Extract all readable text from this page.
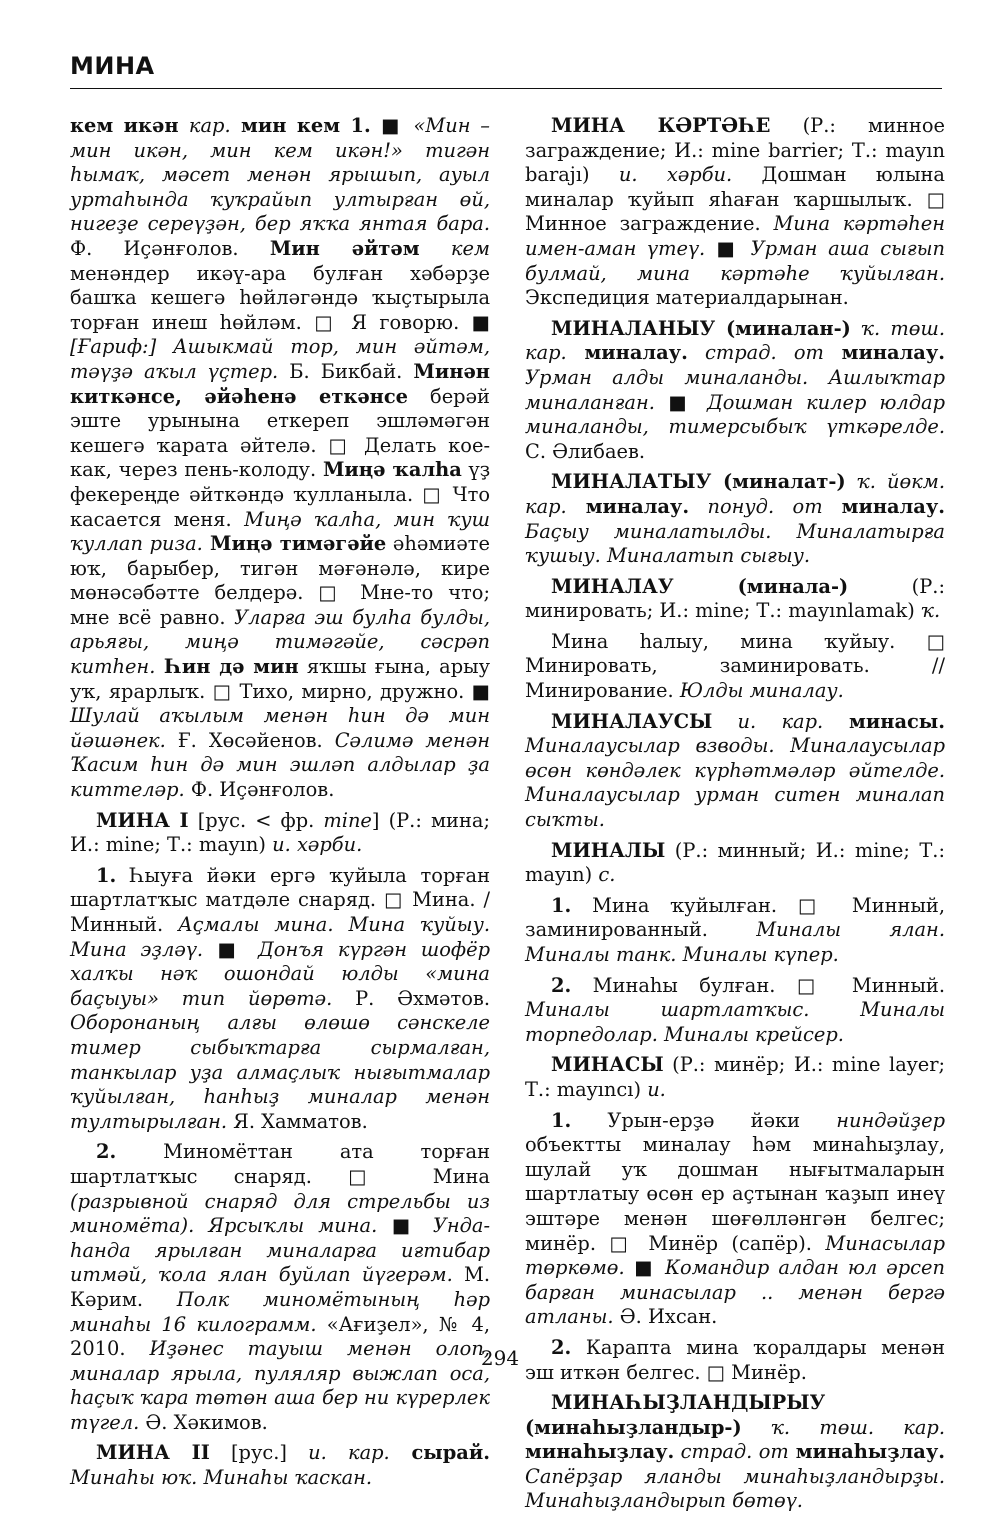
МИНА

кем икән кар. мин кем 1. ■ «Мин – мин икән, мин кем икән!» тигән һымаҡ, мәсет менән ярышып, ауыл уртаһында ҡуҡрайып ултырған өй, нигеҙе сереүҙән, бер яҡҡа янтая бара. Ф. Иҫәнғолов. Мин әйтәм кем менәндер икәү-ара булған хәбәрҙе башҡа кешегә һөйләгәндә ҡыҫтырыла торған инеш һөйләм. □ Я говорю. ■ [Ғариф:] Ашыкмай тор, мин әйтәм, тәүҙә аҡыл үҫтер. Б. Бикбай. Минән киткәнсе, әйәһенә еткәнсе берәй эште урынына еткереп эшләмәгән кешегә ҡарата әйтелә. □ Делать кое-как, через пень-колоду. Миңә ҡалһа үҙ фекереңде әйткәндә ҡулланыла. □ Что касается меня. Миңә ҡалһа, мин ҡуш ҡуллап риза. Миңә тимәгәйе әһәмиәте юҡ, барыбер, тигән мәғәнәлә, кире мөнәсәбәтте белдерә. □ Мне-то что; мне всё равно. Уларға эш булһа булды, арьяғы, миңә тимәгәйе, сәсрәп китһен. Һин дә мин яҡшы ғына, арыу уҡ, ярарлыҡ. □ Тихо, мирно, дружно. ■ Шулай аҡылым менән һин дә мин йәшәнек. Ғ. Хөсәйенов. Сәлимә менән Ҡасим һин дә мин эшләп алдылар ҙа киттеләр. Ф. Иҫәнғолов.

МИНА I [рус. < фр. mine] (Р.: мина; И.: mine; Т.: mayın) и. хәрби.

1. Һыуға йәки ергә ҡуйыла торған шартлатҡыс матдәле снаряд. □ Мина. / Минный. Аҫмалы мина. Мина ҡуйыу. Мина эҙләү. ■ Донъя күргән шофёр халҡы нәҡ ошондай юлды «мина баҫыуы» тип йөрөтә. Р. Әхмәтов. Оборонаның алғы өлөшө сәнскеле тимер сыбыҡтарға сырмалған, танкылар уҙа алмаҫлыҡ нығытмалар ҡуйылған, һанһыҙ миналар менән тултырылған. Я. Хамматов.

2. Миномёттан ата торған шартлатҡыс снаряд. □ Мина (разрывной снаряд для стрельбы из миномёта). Ярсыҡлы мина. ■ Унда-һанда ярылған миналарға иғтибар итмәй, ҡола ялан буйлап йүгерәм. М. Кәрим. Полк миномётының һәр минаһы 16 килограмм. «Ағиҙел», № 4, 2010. Иҙәнес тауыш менән олоп, миналар ярыла, пуляляр выжлап оса, һаҫыҡ ҡара төтөн аша бер ни күрерлек түгел. Ә. Хәкимов.

МИНА II [рус.] и. кар. сырай. Минаһы юҡ. Минаһы ҡаскан.

МИНА КӘРТӘҺЕ (Р.: минное заграждение; И.: mine barrier; Т.: mayın barajı) и. хәрби. Дошман юлына миналар ҡуйып яһаған ҡаршылыҡ. □ Минное заграждение. Мина кәртәһен имен-аман үтеү. ■ Урман аша сығып булмай, мина кәртәһе ҡуйылған. Экспедиция материалдарынан.

МИНАЛАНЫУ (миналан-) ҡ. төш. кар. миналау. страд. от миналау. Урман алды миналанды. Ашлыҡтар миналанған. ■ Дошман килер юлдар миналанды, тимерсыбыҡ үткәрелде. С. Әлибаев.

МИНАЛАТЫУ (миналат-) ҡ. йөкм. кар. миналау. понуд. от миналау. Баҫыу миналатылды. Миналатырға ҡушыу. Миналатып сығыу.

МИНАЛАУ (минала-) (Р.: минировать; И.: mine; Т.: mayınlamak) ҡ.

Мина һалыу, мина ҡуйыу. □ Минировать, заминировать. // Минирование. Юлды миналау.

МИНАЛАУСЫ и. кар. минасы. Миналаусылар взводы. Миналаусылар өсөн көндәлек күрһәтмәләр әйтелде. Миналаусылар урман ситен миналап сыҡты.

МИНАЛЫ (Р.: минный; И.: mine; Т.: mayın) с.

1. Мина ҡуйылған. □ Минный, заминированный. Миналы ялан. Миналы танк. Миналы күпер.

2. Минаһы булған. □ Минный. Миналы шартлатҡыс. Миналы торпедолар. Миналы крейсер.

МИНАСЫ (Р.: минёр; И.: mine layer; Т.: mayıncı) и.

1. Урын-ерҙә йәки ниндәйҙер объектты миналау һәм минаһыҙлау, шулай уҡ дошман нығытмаларын шартлатыу өсөн ер аҫтынан ҡаҙып инеү эштәре менән шөғөлләнгән белгес; минёр. □ Минёр (сапёр). Минасылар төркөмө. ■ Командир алдан юл әрсеп барған минасылар .. менән бергә атланы. Ә. Ихсан.

2. Карапта мина ҡоралдары менән эш иткән белгес. □ Минёр.

МИНАҺЫҘЛАНДЫРЫУ (минаһыҙландыр-) ҡ. төш. кар. минаһыҙлау. страд. от минаһыҙлау. Сапёрҙар яланды минаһыҙландырҙы. Минаһыҙландырып бөтөү.

294
